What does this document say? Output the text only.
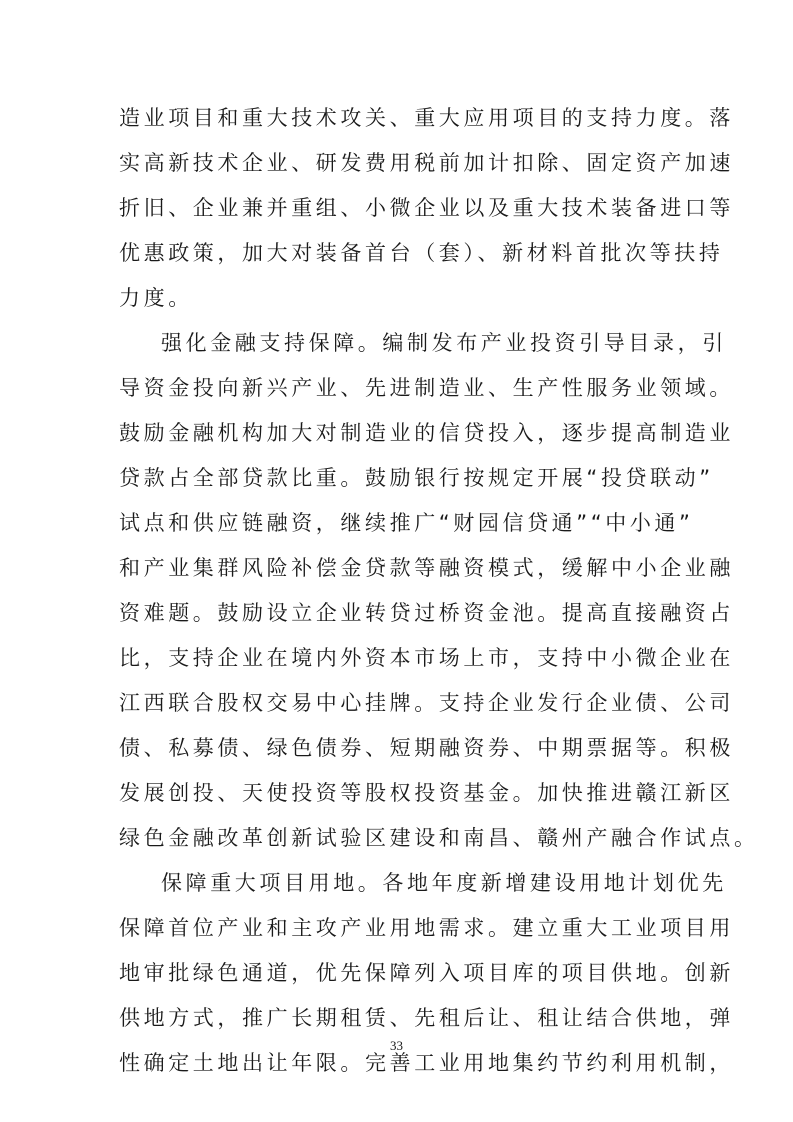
造业项目和重大技术攻关、重大应用项目的支持力度。落
实高新技术企业、研发费用税前加计扣除、固定资产加速
折旧、企业兼并重组、小微企业以及重大技术装备进口等
优惠政策，加大对装备首台（套）、新材料首批次等扶持
力度。
强化金融支持保障。编制发布产业投资引导目录，引
导资金投向新兴产业、先进制造业、生产性服务业领域。
鼓励金融机构加大对制造业的信贷投入，逐步提高制造业
贷款占全部贷款比重。鼓励银行按规定开展“投贷联动”
试点和供应链融资，继续推广“财园信贷通”“中小通”
和产业集群风险补偿金贷款等融资模式，缓解中小企业融
资难题。鼓励设立企业转贷过桥资金池。提高直接融资占
比，支持企业在境内外资本市场上市，支持中小微企业在
江西联合股权交易中心挂牌。支持企业发行企业债、公司
债、私募债、绿色债券、短期融资券、中期票据等。积极
发展创投、天使投资等股权投资基金。加快推进赣江新区
绿色金融改革创新试验区建设和南昌、赣州产融合作试点。
保障重大项目用地。各地年度新增建设用地计划优先
保障首位产业和主攻产业用地需求。建立重大工业项目用
地审批绿色通道，优先保障列入项目库的项目供地。创新
供地方式，推广长期租赁、先租后让、租让结合供地，弹
性确定土地出让年限。完善工业用地集约节约利用机制，
33
